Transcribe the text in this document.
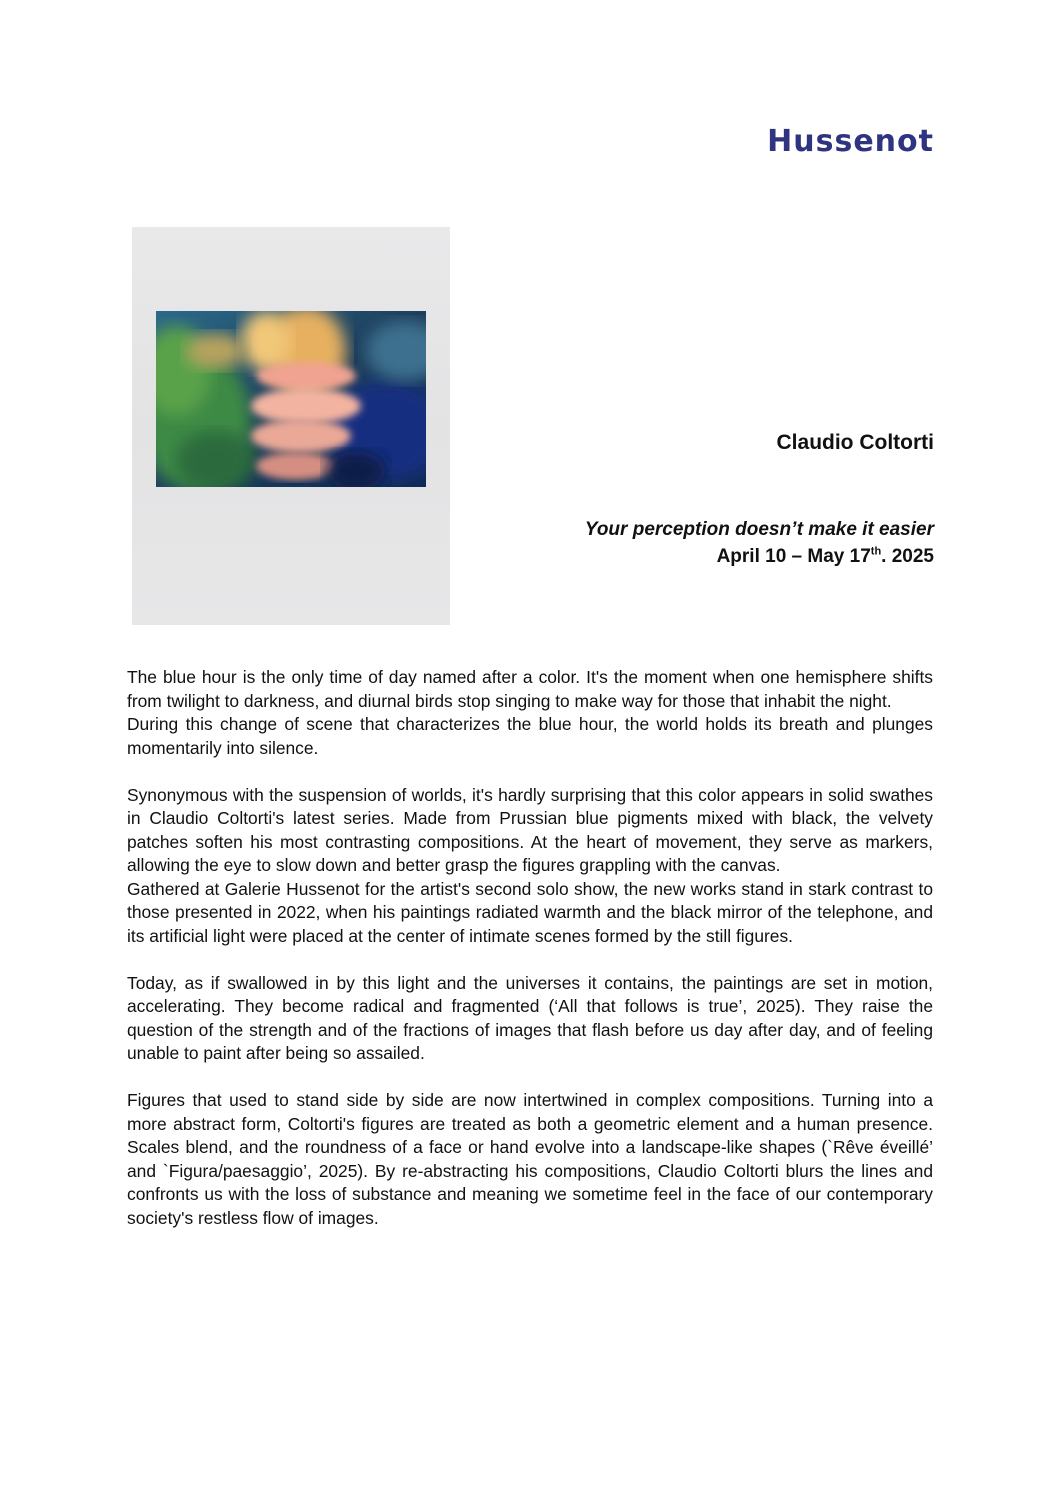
Hussenot
Claudio Coltorti
Your perception doesn’t make it easier
April 10 – May 17th. 2025

The blue hour is the only time of day named after a color. It's the moment when one hemisphere shifts from twilight to darkness, and diurnal birds stop singing to make way for those that inhabit the night.

During this change of scene that characterizes the blue hour, the world holds its breath and plunges momentarily into silence.

Synonymous with the suspension of worlds, it's hardly surprising that this color appears in solid swathes in Claudio Coltorti's latest series. Made from Prussian blue pigments mixed with black, the velvety patches soften his most contrasting compositions. At the heart of movement, they serve as markers, allowing the eye to slow down and better grasp the figures grappling with the canvas.

Gathered at Galerie Hussenot for the artist's second solo show, the new works stand in stark contrast to those presented in 2022, when his paintings radiated warmth and the black mirror of the telephone, and its artificial light were placed at the center of intimate scenes formed by the still figures.

Today, as if swallowed in by this light and the universes it contains, the paintings are set in motion, accelerating. They become radical and fragmented (‘All that follows is true’, 2025). They raise the question of the strength and of the fractions of images that flash before us day after day, and of feeling unable to paint after being so assailed.

Figures that used to stand side by side are now intertwined in complex compositions. Turning into a more abstract form, Coltorti's figures are treated as both a geometric element and a human presence. Scales blend, and the roundness of a face or hand evolve into a landscape-like shapes (`Rêve éveillé’ and `Figura/paesaggio’, 2025). By re-abstracting his compositions, Claudio Coltorti blurs the lines and confronts us with the loss of substance and meaning we sometime feel in the face of our contemporary society's restless flow of images.
